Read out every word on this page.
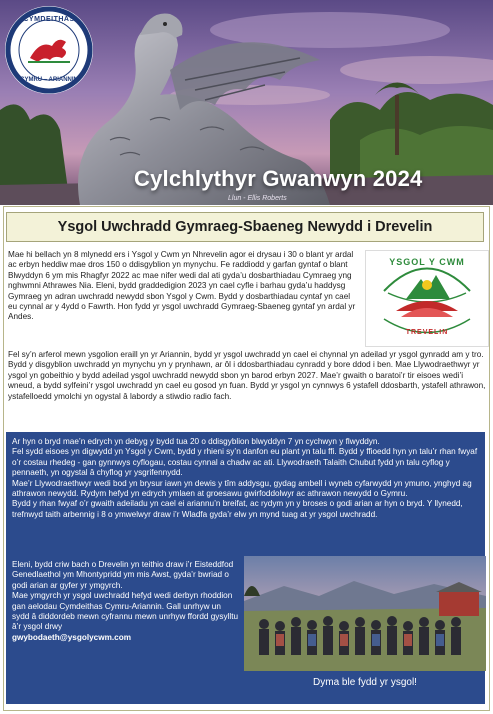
Cylchlythyr Gwanwyn 2024
Llun - Ellis Roberts
CYMDEITHAS
CYMRU – ARIANNIN
Ysgol Uwchradd Gymraeg-Sbaeneg Newydd i Drevelin
Mae hi bellach yn 8 mlynedd ers i Ysgol y Cwm yn Nhrevelin agor ei drysau i 30 o blant yr ardal ac erbyn heddiw mae dros 150 o ddisgyblion yn mynychu. Fe raddiodd y garfan gyntaf o blant Blwyddyn 6 ym mis Rhagfyr 2022 ac mae nifer wedi dal ati gyda’u dosbarthiadau Cymraeg yng nghwmni Athrawes Nia. Eleni, bydd graddedigion 2023 yn cael cyfle i barhau gyda’u haddysg Gymraeg yn adran uwchradd newydd sbon Ysgol y Cwm. Bydd y dosbarthiadau cyntaf yn cael eu cynnal ar y 4ydd o Fawrth. Hon fydd yr ysgol uwchradd Gymraeg-Sbaeneg gyntaf yn ardal yr Andes.
YSGOL Y CWM
TREVELIN
Fel sy’n arferol mewn ysgolion eraill yn yr Ariannin, bydd yr ysgol uwchradd yn cael ei chynnal yn adeilad yr ysgol gynradd am y tro. Bydd y disgyblion uwchradd yn mynychu yn y prynhawn, ar ôl i ddosbarthiadau cynradd y bore ddod i ben. Mae Llywodraethwyr yr ysgol yn gobeithio y bydd adeilad ysgol uwchradd newydd sbon yn barod erbyn 2027. Mae’r gwaith o baratoi’r tir eisoes wedi’i wneud, a bydd sylfeini’r ysgol uwchradd yn cael eu gosod yn fuan. Bydd yr ysgol yn cynnwys 6 ystafell ddosbarth, ystafell athrawon, ystafelloedd ymolchi yn ogystal â labordy a stiwdio radio fach.
Ar hyn o bryd mae’n edrych yn debyg y bydd tua 20 o ddisgyblion blwyddyn 7 yn cychwyn y flwyddyn.
Fel sydd eisoes yn digwydd yn Ysgol y Cwm, bydd y rhieni sy’n danfon eu plant yn talu ffi. Bydd y ffioedd hyn yn talu’r rhan fwyaf o’r costau rhedeg - gan gynnwys cyflogau, costau cynnal a chadw ac ati. Llywodraeth Talaith Chubut fydd yn talu cyflog y pennaeth, yn ogystal â chyflog yr ysgrifennydd.
Mae’r Llywodraethwyr wedi bod yn brysur iawn yn dewis y tîm addysgu, gydag ambell i wyneb cyfarwydd yn ymuno, ynghyd ag athrawon newydd. Rydym hefyd yn edrych ymlaen at groesawu gwirfoddolwyr ac athrawon newydd o Gymru.
Bydd y rhan fwyaf o’r gwaith adeiladu yn cael ei ariannu’n breifat, ac rydym yn y broses o godi arian ar hyn o bryd. Y llynedd, trefnwyd taith arbennig i 8 o ymwelwyr draw i’r Wladfa gyda’r elw yn mynd tuag at yr ysgol uwchradd.
Eleni, bydd criw bach o Drevelin yn teithio draw i’r Eisteddfod Genedlaethol ym Mhontypridd ym mis Awst, gyda’r bwriad o godi arian ar gyfer yr ymgyrch.
Mae ymgyrch yr ysgol uwchradd hefyd wedi derbyn rhoddion gan aelodau Cymdeithas Cymru-Ariannin. Gall unrhyw un sydd â diddordeb mewn cyfrannu mewn unrhyw ffordd gysylltu â’r ysgol drwy
gwybodaeth@ysgolycwm.com
Dyma ble fydd yr ysgol!
